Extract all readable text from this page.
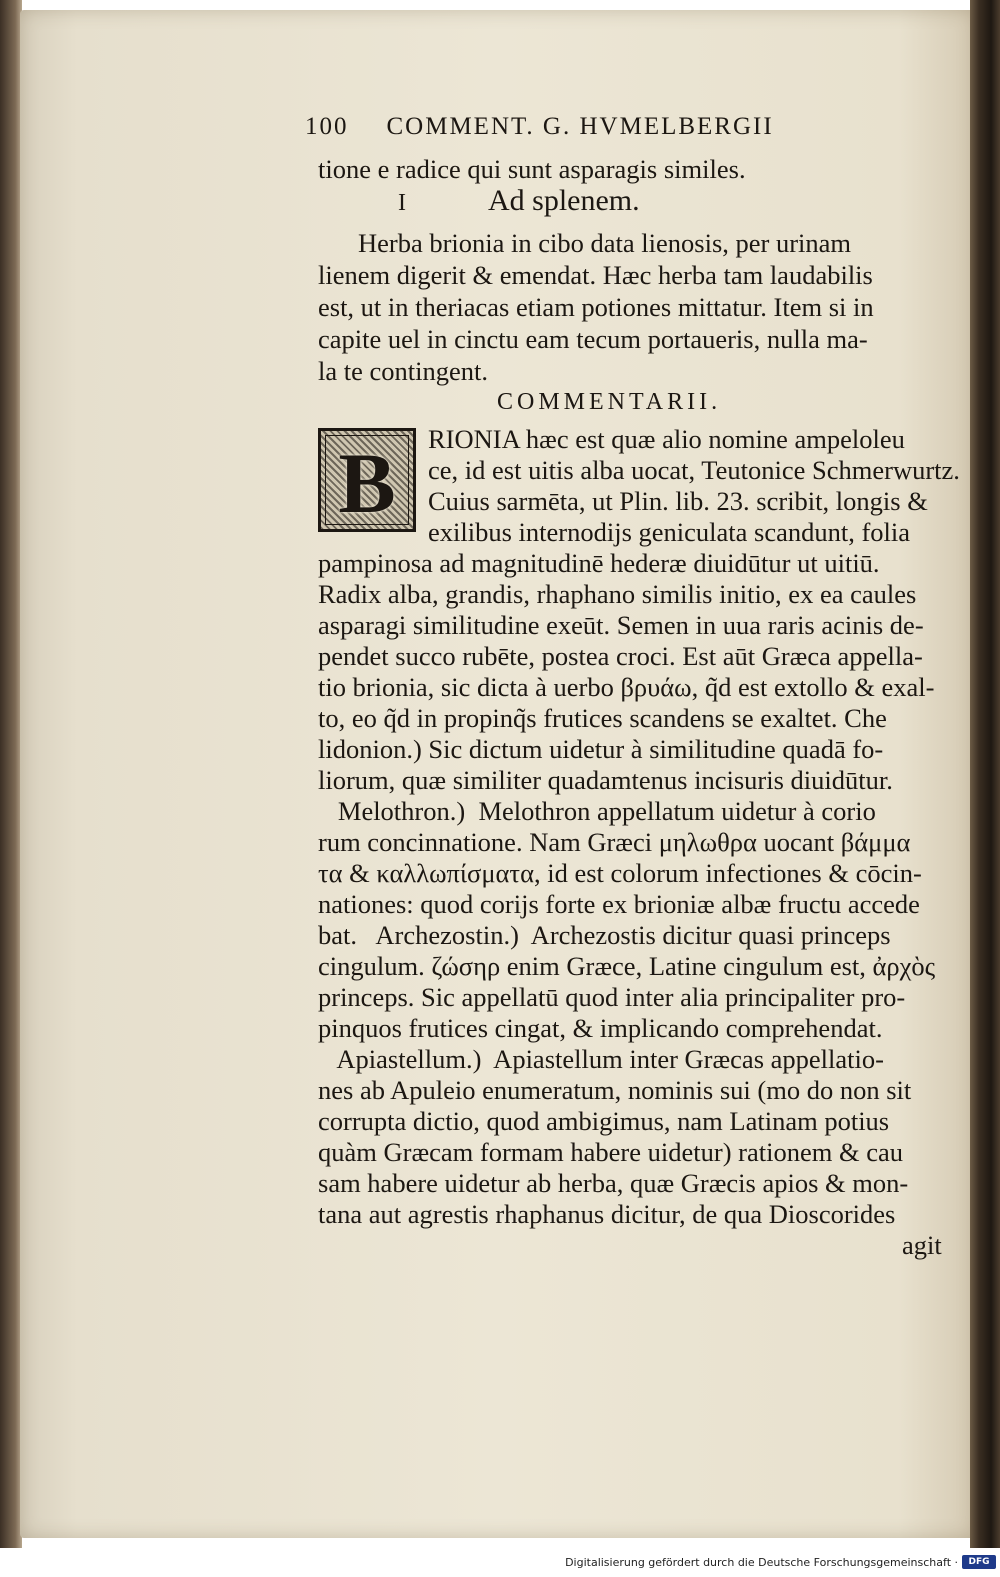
100 COMMENT. G. HVMELBERGII
tione e radice qui sunt asparagis similes.
I	Ad splenem.
Herba brionia in cibo data lienosis, per urinam
lienem digerit & emendat. Hæc herba tam laudabilis
est, ut in theriacas etiam potiones mittatur. Item si in
capite uel in cinctu eam tecum portaueris, nulla ma-
la te contingent.
COMMENTARII.
B	RIONIA hæc est quæ alio nomine ampeloleu
ce, id est uitis alba uocat, Teutonice Schmerwurtz.
Cuius sarmēta, ut Plin. lib. 23. scribit, longis &
exilibus internodijs geniculata scandunt, folia
pampinosa ad magnitudinē hederæ diuidūtur ut uitiū.
Radix alba, grandis, rhaphano similis initio, ex ea caules
asparagi similitudine exeūt. Semen in uua raris acinis de-
pendet succo rubēte, postea croci. Est aūt Græca appella-
tio brionia, sic dicta à uerbo βρυάω, q̃d est extollo & exal-
to, eo q̃d in propinq̃s frutices scandens se exaltet. Che
lidonion.) Sic dictum uidetur à similitudine quadā fo-
liorum, quæ similiter quadamtenus incisuris diuidūtur.
Melothron.)  Melothron appellatum uidetur à corio
rum concinnatione. Nam Græci μηλωθρα uocant βάμμα
τα & καλλωπίσματα, id est colorum infectiones & cōcin-
nationes: quod corijs forte ex brioniæ albæ fructu accede
bat.   Archezostin.)  Archezostis dicitur quasi princeps
cingulum. ζώσηρ enim Græce, Latine cingulum est, ἀρχὸς
princeps. Sic appellatū quod inter alia principaliter pro-
pinquos frutices cingat, & implicando comprehendat.
Apiastellum.)  Apiastellum inter Græcas appellatio-
nes ab Apuleio enumeratum, nominis sui (mo do non sit
corrupta dictio, quod ambigimus, nam Latinam potius
quàm Græcam formam habere uidetur) rationem & cau
sam habere uidetur ab herba, quæ Græcis apios & mon-
tana aut agrestis rhaphanus dicitur, de qua Dioscorides
agit
Digitalisierung gefördert durch die Deutsche Forschungsgemeinschaft ·	DFG
